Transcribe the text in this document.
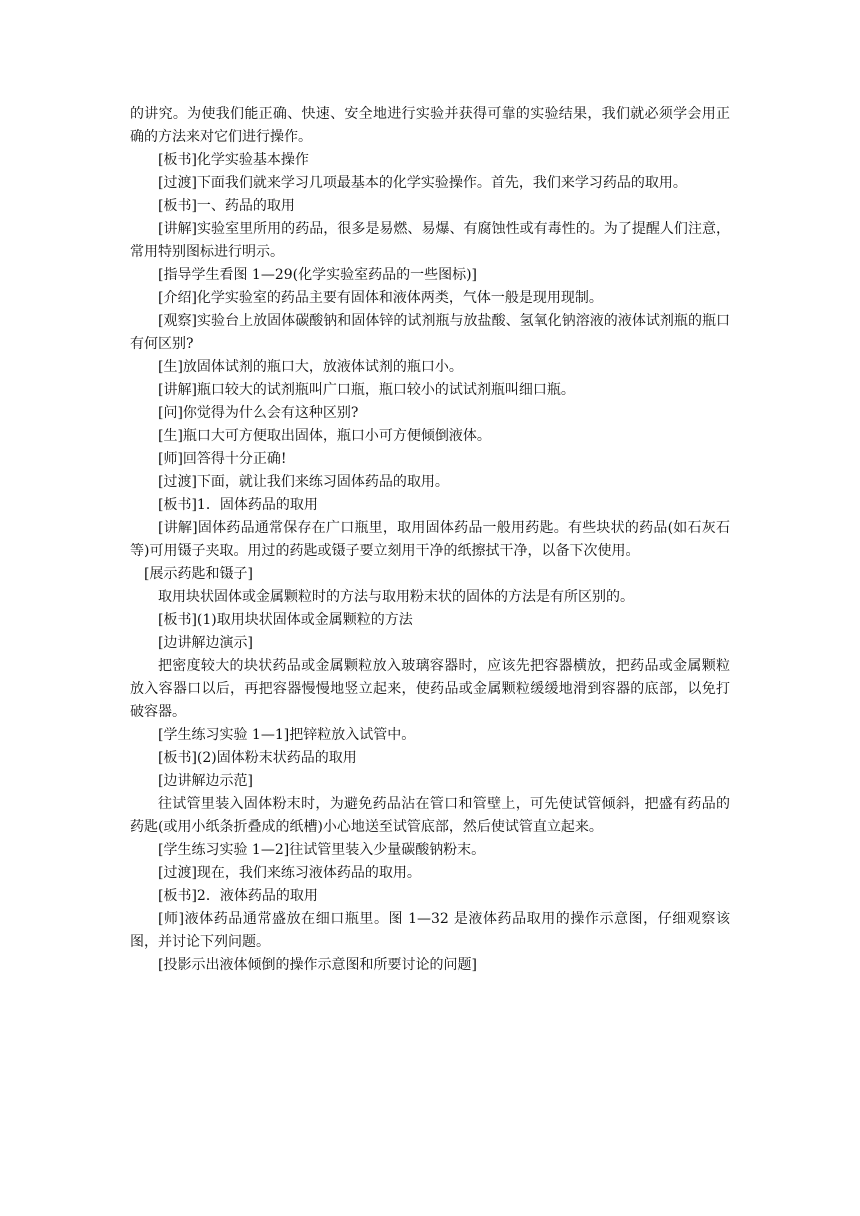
的讲究。为使我们能正确、快速、安全地进行实验并获得可靠的实验结果，我们就必须学会用正确的方法来对它们进行操作。

[板书]化学实验基本操作

[过渡]下面我们就来学习几项最基本的化学实验操作。首先，我们来学习药品的取用。

[板书]一、药品的取用

[讲解]实验室里所用的药品，很多是易燃、易爆、有腐蚀性或有毒性的。为了提醒人们注意，常用特别图标进行明示。

[指导学生看图 1—29(化学实验室药品的一些图标)]

[介绍]化学实验室的药品主要有固体和液体两类，气体一般是现用现制。

[观察]实验台上放固体碳酸钠和固体锌的试剂瓶与放盐酸、氢氧化钠溶液的液体试剂瓶的瓶口有何区别?

[生]放固体试剂的瓶口大，放液体试剂的瓶口小。

[讲解]瓶口较大的试剂瓶叫广口瓶，瓶口较小的试试剂瓶叫细口瓶。

[问]你觉得为什么会有这种区别?

[生]瓶口大可方便取出固体，瓶口小可方便倾倒液体。

[师]回答得十分正确!

[过渡]下面，就让我们来练习固体药品的取用。

[板书]1．固体药品的取用

[讲解]固体药品通常保存在广口瓶里，取用固体药品一般用药匙。有些块状的药品(如石灰石等)可用镊子夹取。用过的药匙或镊子要立刻用干净的纸擦拭干净，以备下次使用。

[展示药匙和镊子]

取用块状固体或金属颗粒时的方法与取用粉末状的固体的方法是有所区别的。

[板书](1)取用块状固体或金属颗粒的方法

[边讲解边演示]

把密度较大的块状药品或金属颗粒放入玻璃容器时，应该先把容器横放，把药品或金属颗粒放入容器口以后，再把容器慢慢地竖立起来，使药品或金属颗粒缓缓地滑到容器的底部，以免打破容器。

[学生练习实验 1—1]把锌粒放入试管中。

[板书](2)固体粉末状药品的取用

[边讲解边示范]

往试管里装入固体粉末时，为避免药品沾在管口和管壁上，可先使试管倾斜，把盛有药品的药匙(或用小纸条折叠成的纸槽)小心地送至试管底部，然后使试管直立起来。

[学生练习实验 1—2]往试管里装入少量碳酸钠粉末。

[过渡]现在，我们来练习液体药品的取用。

[板书]2．液体药品的取用

[师]液体药品通常盛放在细口瓶里。图 1—32 是液体药品取用的操作示意图，仔细观察该图，并讨论下列问题。

[投影示出液体倾倒的操作示意图和所要讨论的问题]
